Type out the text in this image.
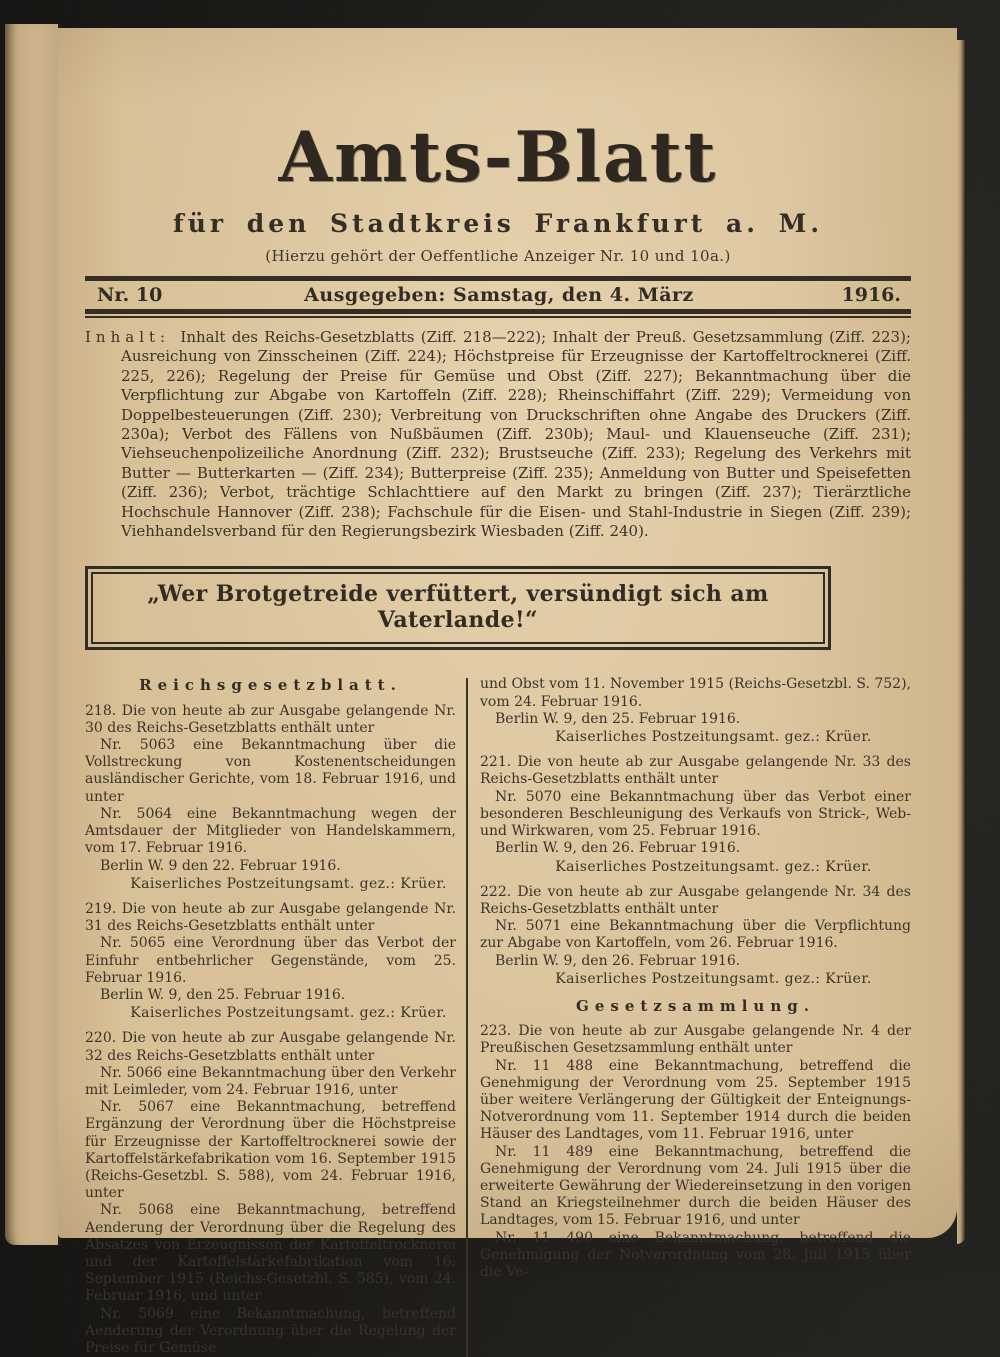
Amts-Blatt
für den Stadtkreis Frankfurt a. M.
(Hierzu gehört der Oeffentliche Anzeiger Nr. 10 und 10a.)
Nr. 10	Ausgegeben: Samstag, den 4. März	1916.

Inhalt: Inhalt des Reichs-Gesetzblatts (Ziff. 218—222); Inhalt der Preuß. Gesetzsammlung (Ziff. 223); Ausreichung von Zinsscheinen (Ziff. 224); Höchstpreise für Erzeugnisse der Kartoffeltrocknerei (Ziff. 225, 226); Regelung der Preise für Gemüse und Obst (Ziff. 227); Bekanntmachung über die Verpflichtung zur Abgabe von Kartoffeln (Ziff. 228); Rheinschiffahrt (Ziff. 229); Vermeidung von Doppelbesteuerungen (Ziff. 230); Verbreitung von Druckschriften ohne Angabe des Druckers (Ziff. 230a); Verbot des Fällens von Nußbäumen (Ziff. 230b); Maul- und Klauenseuche (Ziff. 231); Viehseuchenpolizeiliche Anordnung (Ziff. 232); Brustseuche (Ziff. 233); Regelung des Verkehrs mit Butter — Butterkarten — (Ziff. 234); Butterpreise (Ziff. 235); Anmeldung von Butter und Speisefetten (Ziff. 236); Verbot, trächtige Schlachttiere auf den Markt zu bringen (Ziff. 237); Tierärztliche Hochschule Hannover (Ziff. 238); Fachschule für die Eisen- und Stahl-Industrie in Siegen (Ziff. 239); Viehhandelsverband für den Regierungsbezirk Wiesbaden (Ziff. 240).

„Wer Brotgetreide verfüttert, versündigt sich am Vaterlande!“
Reichsgesetzblatt.
218. Die von heute ab zur Ausgabe gelangende Nr. 30 des Reichs-Gesetzblatts enthält unter
Nr. 5063 eine Bekanntmachung über die Vollstreckung von Kostenentscheidungen ausländischer Gerichte, vom 18. Februar 1916, und unter
Nr. 5064 eine Bekanntmachung wegen der Amtsdauer der Mitglieder von Handelskammern, vom 17. Februar 1916.
Berlin W. 9 den 22. Februar 1916.
Kaiserliches Postzeitungsamt. gez.: Krüer.
219. Die von heute ab zur Ausgabe gelangende Nr. 31 des Reichs-Gesetzblatts enthält unter
Nr. 5065 eine Verordnung über das Verbot der Einfuhr entbehrlicher Gegenstände, vom 25. Februar 1916.
Berlin W. 9, den 25. Februar 1916.
Kaiserliches Postzeitungsamt. gez.: Krüer.
220. Die von heute ab zur Ausgabe gelangende Nr. 32 des Reichs-Gesetzblatts enthält unter
Nr. 5066 eine Bekanntmachung über den Verkehr mit Leimleder, vom 24. Februar 1916, unter
Nr. 5067 eine Bekanntmachung, betreffend Ergänzung der Verordnung über die Höchstpreise für Erzeugnisse der Kartoffeltrocknerei sowie der Kartoffelstärkefabrikation vom 16. September 1915 (Reichs-Gesetzbl. S. 588), vom 24. Februar 1916, unter
Nr. 5068 eine Bekanntmachung, betreffend Aenderung der Verordnung über die Regelung des Absatzes von Erzeugnissen der Kartoffeltrocknerei und der Kartoffelstärkefabrikation vom 16. September 1915 (Reichs-Gesetzbl. S. 585), vom 24. Februar 1916, und unter
Nr. 5069 eine Bekanntmachung, betreffend Aenderung der Verordnung über die Regelung der Preise für Gemüse
und Obst vom 11. November 1915 (Reichs-Gesetzbl. S. 752), vom 24. Februar 1916.
Berlin W. 9, den 25. Februar 1916.
Kaiserliches Postzeitungsamt. gez.: Krüer.
221. Die von heute ab zur Ausgabe gelangende Nr. 33 des Reichs-Gesetzblatts enthält unter
Nr. 5070 eine Bekanntmachung über das Verbot einer besonderen Beschleunigung des Verkaufs von Strick-, Web- und Wirkwaren, vom 25. Februar 1916.
Berlin W. 9, den 26. Februar 1916.
Kaiserliches Postzeitungsamt. gez.: Krüer.
222. Die von heute ab zur Ausgabe gelangende Nr. 34 des Reichs-Gesetzblatts enthält unter
Nr. 5071 eine Bekanntmachung über die Verpflichtung zur Abgabe von Kartoffeln, vom 26. Februar 1916.
Berlin W. 9, den 26. Februar 1916.
Kaiserliches Postzeitungsamt. gez.: Krüer.
Gesetzsammlung.
223. Die von heute ab zur Ausgabe gelangende Nr. 4 der Preußischen Gesetzsammlung enthält unter
Nr. 11 488 eine Bekanntmachung, betreffend die Genehmigung der Verordnung vom 25. September 1915 über weitere Verlängerung der Gültigkeit der Enteignungs-Notverordnung vom 11. September 1914 durch die beiden Häuser des Landtages, vom 11. Februar 1916, unter
Nr. 11 489 eine Bekanntmachung, betreffend die Genehmigung der Verordnung vom 24. Juli 1915 über die erweiterte Gewährung der Wiedereinsetzung in den vorigen Stand an Kriegsteilnehmer durch die beiden Häuser des Landtages, vom 15. Februar 1916, und unter
Nr. 11 490 eine Bekanntmachung, betreffend die Genehmigung der Notverordnung vom 28. Juli 1915 über die Ve-
